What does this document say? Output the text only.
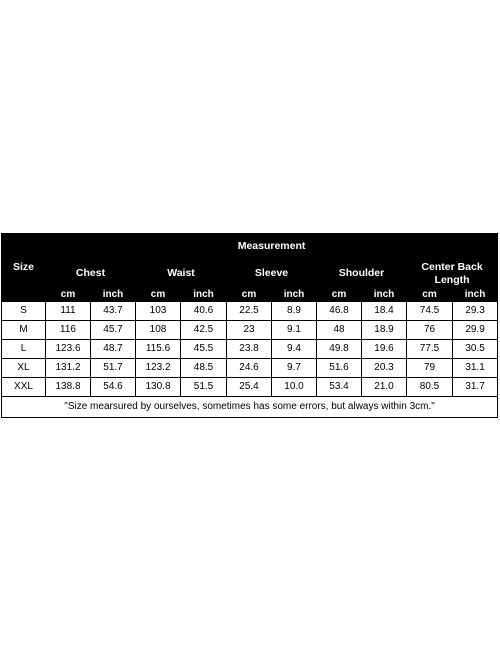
Size	Measurement									
	Chest		Waist		Sleeve		Shoulder		Center Back Length	
	cm	inch	cm	inch	cm	inch	cm	inch	cm	inch
S	111	43.7	103	40.6	22.5	8.9	46.8	18.4	74.5	29.3
M	116	45.7	108	42.5	23	9.1	48	18.9	76	29.9
L	123.6	48.7	115.6	45.5	23.8	9.4	49.8	19.6	77.5	30.5
XL	131.2	51.7	123.2	48.5	24.6	9.7	51.6	20.3	79	31.1
XXL	138.8	54.6	130.8	51.5	25.4	10.0	53.4	21.0	80.5	31.7
"Size mearsured by ourselves, sometimes has some errors, but always within 3cm."										
